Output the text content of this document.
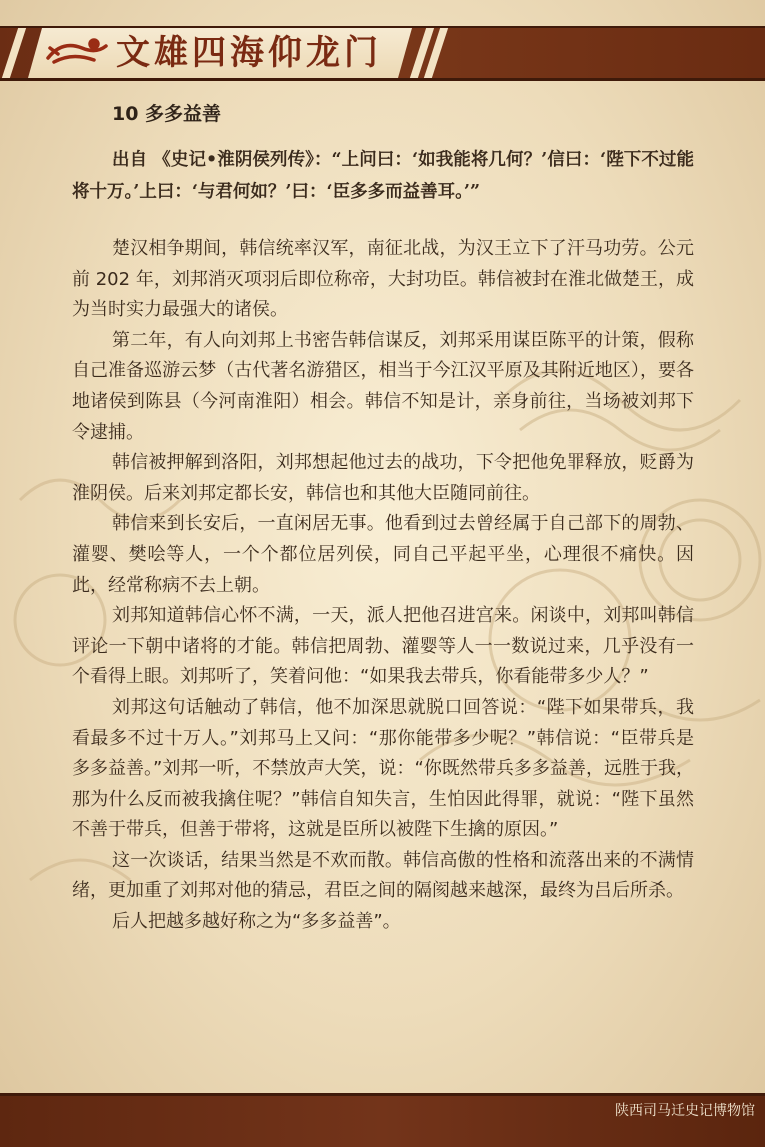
文雄四海仰龙门
10 多多益善

出自 《史记•淮阴侯列传》：“上问曰：‘如我能将几何？’信曰：‘陛下不过能将十万。’上曰：‘与君何如？’曰：‘臣多多而益善耳。’”

楚汉相争期间，韩信统率汉军，南征北战，为汉王立下了汗马功劳。公元前 202 年，刘邦消灭项羽后即位称帝，大封功臣。韩信被封在淮北做楚王，成为当时实力最强大的诸侯。

第二年，有人向刘邦上书密告韩信谋反，刘邦采用谋臣陈平的计策，假称自己准备巡游云梦（古代著名游猎区，相当于今江汉平原及其附近地区），要各地诸侯到陈县（今河南淮阳）相会。韩信不知是计，亲身前往，当场被刘邦下令逮捕。

韩信被押解到洛阳，刘邦想起他过去的战功，下令把他免罪释放，贬爵为淮阴侯。后来刘邦定都长安，韩信也和其他大臣随同前往。

韩信来到长安后，一直闲居无事。他看到过去曾经属于自己部下的周勃、灌婴、樊哙等人，一个个都位居列侯，同自己平起平坐，心理很不痛快。因此，经常称病不去上朝。

刘邦知道韩信心怀不满，一天，派人把他召进宫来。闲谈中，刘邦叫韩信评论一下朝中诸将的才能。韩信把周勃、灌婴等人一一数说过来，几乎没有一个看得上眼。刘邦听了，笑着问他：“如果我去带兵，你看能带多少人？”

刘邦这句话触动了韩信，他不加深思就脱口回答说：“陛下如果带兵，我看最多不过十万人。”刘邦马上又问：“那你能带多少呢？”韩信说：“臣带兵是多多益善。”刘邦一听，不禁放声大笑，说：“你既然带兵多多益善，远胜于我，那为什么反而被我擒住呢？”韩信自知失言，生怕因此得罪，就说：“陛下虽然不善于带兵，但善于带将，这就是臣所以被陛下生擒的原因。”

这一次谈话，结果当然是不欢而散。韩信高傲的性格和流落出来的不满情绪，更加重了刘邦对他的猜忌，君臣之间的隔阂越来越深，最终为吕后所杀。

后人把越多越好称之为“多多益善”。

陕西司马迁史记博物馆
